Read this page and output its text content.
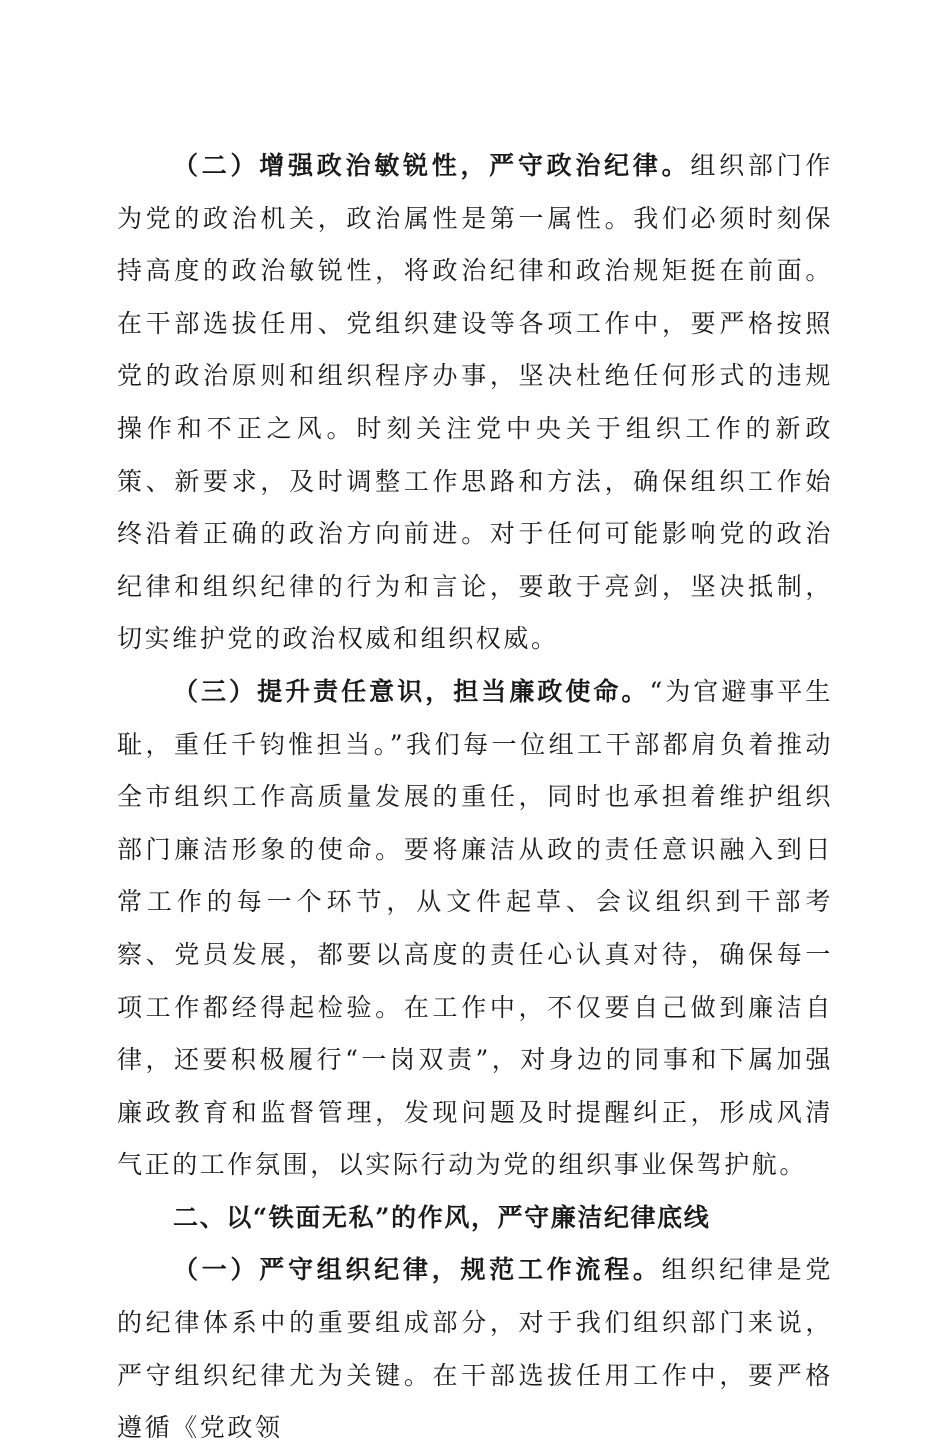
（二）增强政治敏锐性，严守政治纪律。组织部门作为党的政治机关，政治属性是第一属性。我们必须时刻保持高度的政治敏锐性，将政治纪律和政治规矩挺在前面。在干部选拔任用、党组织建设等各项工作中，要严格按照党的政治原则和组织程序办事，坚决杜绝任何形式的违规操作和不正之风。时刻关注党中央关于组织工作的新政策、新要求，及时调整工作思路和方法，确保组织工作始终沿着正确的政治方向前进。对于任何可能影响党的政治纪律和组织纪律的行为和言论，要敢于亮剑，坚决抵制，切实维护党的政治权威和组织权威。

（三）提升责任意识，担当廉政使命。“为官避事平生耻，重任千钧惟担当。”我们每一位组工干部都肩负着推动全市组织工作高质量发展的重任，同时也承担着维护组织部门廉洁形象的使命。要将廉洁从政的责任意识融入到日常工作的每一个环节，从文件起草、会议组织到干部考察、党员发展，都要以高度的责任心认真对待，确保每一项工作都经得起检验。在工作中，不仅要自己做到廉洁自律，还要积极履行“一岗双责”，对身边的同事和下属加强廉政教育和监督管理，发现问题及时提醒纠正，形成风清气正的工作氛围，以实际行动为党的组织事业保驾护航。

二、以“铁面无私”的作风，严守廉洁纪律底线

（一）严守组织纪律，规范工作流程。组织纪律是党的纪律体系中的重要组成部分，对于我们组织部门来说，严守组织纪律尤为关键。在干部选拔任用工作中，要严格遵循《党政领
